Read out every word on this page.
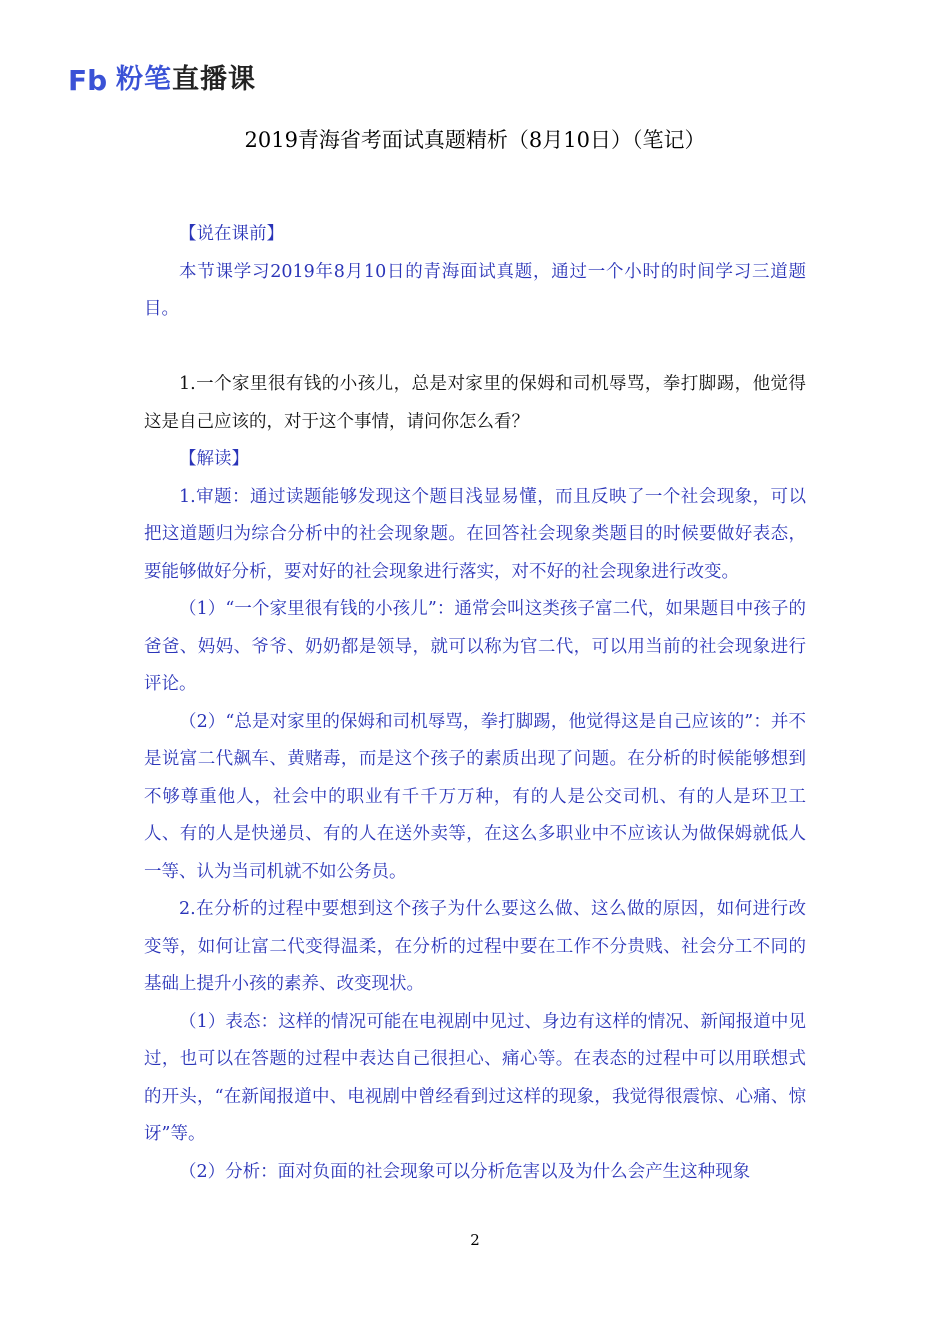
Fb 粉笔直播课
2019青海省考面试真题精析（8月10日）（笔记）

【说在课前】

本节课学习2019年8月10日的青海面试真题，通过一个小时的时间学习三道题目。

1.一个家里很有钱的小孩儿，总是对家里的保姆和司机辱骂，拳打脚踢，他觉得这是自己应该的，对于这个事情，请问你怎么看？

【解读】

1.审题：通过读题能够发现这个题目浅显易懂，而且反映了一个社会现象，可以把这道题归为综合分析中的社会现象题。在回答社会现象类题目的时候要做好表态，要能够做好分析，要对好的社会现象进行落实，对不好的社会现象进行改变。

（1）“一个家里很有钱的小孩儿”：通常会叫这类孩子富二代，如果题目中孩子的爸爸、妈妈、爷爷、奶奶都是领导，就可以称为官二代，可以用当前的社会现象进行评论。

（2）“总是对家里的保姆和司机辱骂，拳打脚踢，他觉得这是自己应该的”：并不是说富二代飙车、黄赌毒，而是这个孩子的素质出现了问题。在分析的时候能够想到不够尊重他人，社会中的职业有千千万万种，有的人是公交司机、有的人是环卫工人、有的人是快递员、有的人在送外卖等，在这么多职业中不应该认为做保姆就低人一等、认为当司机就不如公务员。

2.在分析的过程中要想到这个孩子为什么要这么做、这么做的原因，如何进行改变等，如何让富二代变得温柔，在分析的过程中要在工作不分贵贱、社会分工不同的基础上提升小孩的素养、改变现状。

（1）表态：这样的情况可能在电视剧中见过、身边有这样的情况、新闻报道中见过，也可以在答题的过程中表达自己很担心、痛心等。在表态的过程中可以用联想式的开头，“在新闻报道中、电视剧中曾经看到过这样的现象，我觉得很震惊、心痛、惊讶”等。

（2）分析：面对负面的社会现象可以分析危害以及为什么会产生这种现象

2
